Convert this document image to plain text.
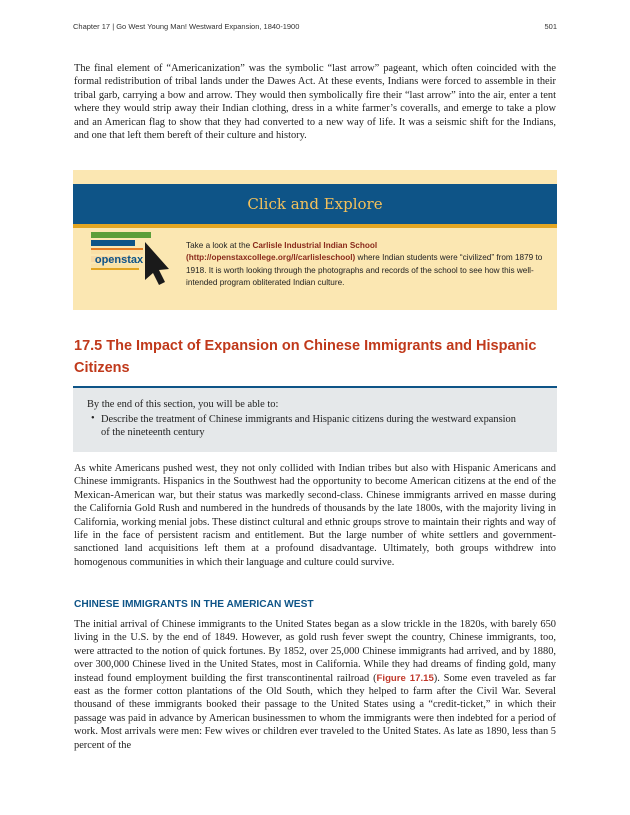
Chapter 17 | Go West Young Man! Westward Expansion, 1840-1900	501

The final element of “Americanization” was the symbolic “last arrow” pageant, which often coincided with the formal redistribution of tribal lands under the Dawes Act. At these events, Indians were forced to assemble in their tribal garb, carrying a bow and arrow. They would then symbolically fire their “last arrow” into the air, enter a tent where they would strip away their Indian clothing, dress in a white farmer’s coveralls, and emerge to take a plow and an American flag to show that they had converted to a new way of life. It was a seismic shift for the Indians, and one that left them bereft of their culture and history.

Click and Explore
openstax
Take a look at the Carlisle Industrial Indian School (http://openstaxcollege.org/l/carlisleschool) where Indian students were “civilized” from 1879 to 1918. It is worth looking through the photographs and records of the school to see how this well-intended program obliterated Indian culture.
17.5 The Impact of Expansion on Chinese Immigrants and Hispanic Citizens
By the end of this section, you will be able to:
• Describe the treatment of Chinese immigrants and Hispanic citizens during the westward expansion of the nineteenth century

As white Americans pushed west, they not only collided with Indian tribes but also with Hispanic Americans and Chinese immigrants. Hispanics in the Southwest had the opportunity to become American citizens at the end of the Mexican-American war, but their status was markedly second-class. Chinese immigrants arrived en masse during the California Gold Rush and numbered in the hundreds of thousands by the late 1800s, with the majority living in California, working menial jobs. These distinct cultural and ethnic groups strove to maintain their rights and way of life in the face of persistent racism and entitlement. But the large number of white settlers and government-sanctioned land acquisitions left them at a profound disadvantage. Ultimately, both groups withdrew into homogenous communities in which their language and culture could survive.

CHINESE IMMIGRANTS IN THE AMERICAN WEST

The initial arrival of Chinese immigrants to the United States began as a slow trickle in the 1820s, with barely 650 living in the U.S. by the end of 1849. However, as gold rush fever swept the country, Chinese immigrants, too, were attracted to the notion of quick fortunes. By 1852, over 25,000 Chinese immigrants had arrived, and by 1880, over 300,000 Chinese lived in the United States, most in California. While they had dreams of finding gold, many instead found employment building the first transcontinental railroad (Figure 17.15). Some even traveled as far east as the former cotton plantations of the Old South, which they helped to farm after the Civil War. Several thousand of these immigrants booked their passage to the United States using a “credit-ticket,” in which their passage was paid in advance by American businessmen to whom the immigrants were then indebted for a period of work. Most arrivals were men: Few wives or children ever traveled to the United States. As late as 1890, less than 5 percent of the
